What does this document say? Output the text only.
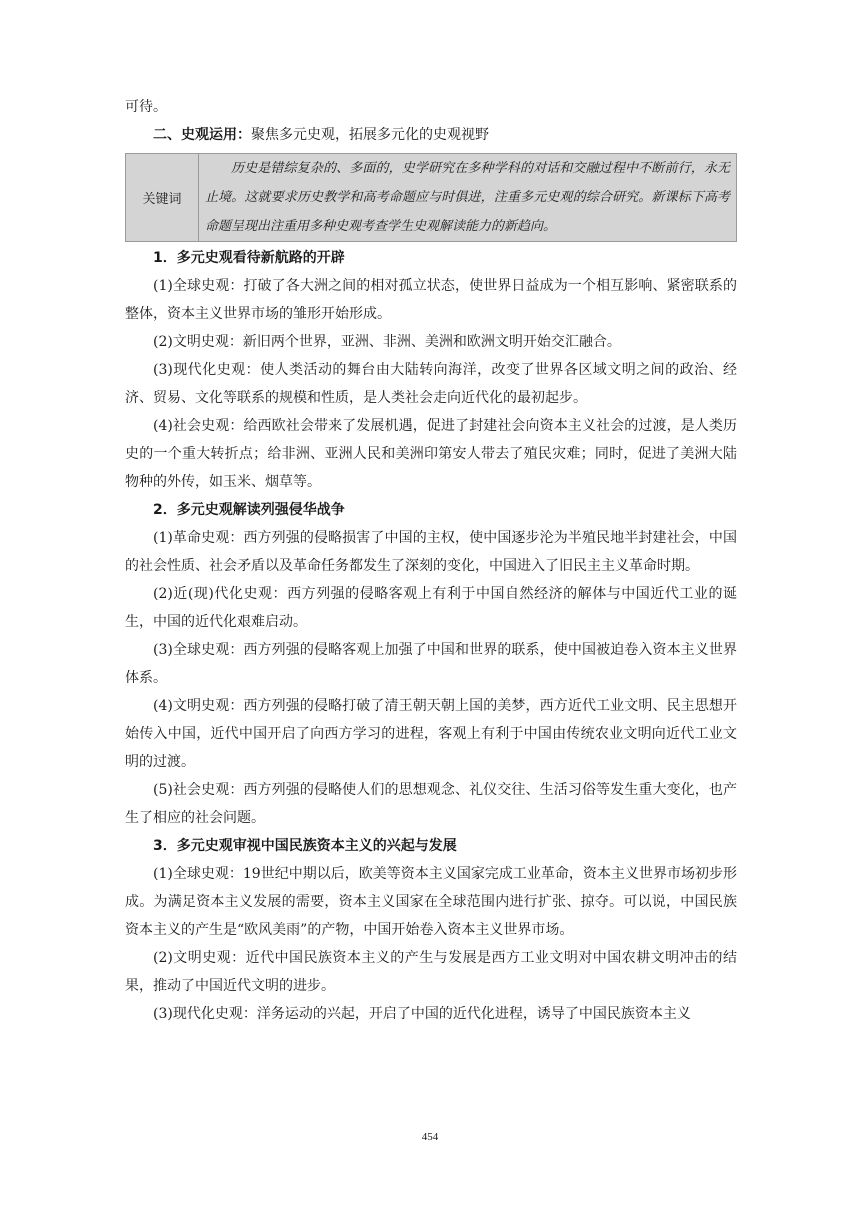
可待。

二、史观运用：聚焦多元史观，拓展多元化的史观视野

关键词	

历史是错综复杂的、多面的，史学研究在多种学科的对话和交融过程中不断前行，永无止境。这就要求历史教学和高考命题应与时俱进，注重多元史观的综合研究。新课标下高考命题呈现出注重用多种史观考查学生史观解读能力的新趋向。

1．多元史观看待新航路的开辟

(1)全球史观：打破了各大洲之间的相对孤立状态，使世界日益成为一个相互影响、紧密联系的整体，资本主义世界市场的雏形开始形成。

(2)文明史观：新旧两个世界，亚洲、非洲、美洲和欧洲文明开始交汇融合。

(3)现代化史观：使人类活动的舞台由大陆转向海洋，改变了世界各区域文明之间的政治、经济、贸易、文化等联系的规模和性质，是人类社会走向近代化的最初起步。

(4)社会史观：给西欧社会带来了发展机遇，促进了封建社会向资本主义社会的过渡，是人类历史的一个重大转折点；给非洲、亚洲人民和美洲印第安人带去了殖民灾难；同时，促进了美洲大陆物种的外传，如玉米、烟草等。

2．多元史观解读列强侵华战争

(1)革命史观：西方列强的侵略损害了中国的主权，使中国逐步沦为半殖民地半封建社会，中国的社会性质、社会矛盾以及革命任务都发生了深刻的变化，中国进入了旧民主主义革命时期。

(2)近(现)代化史观：西方列强的侵略客观上有利于中国自然经济的解体与中国近代工业的诞生，中国的近代化艰难启动。

(3)全球史观：西方列强的侵略客观上加强了中国和世界的联系，使中国被迫卷入资本主义世界体系。

(4)文明史观：西方列强的侵略打破了清王朝天朝上国的美梦，西方近代工业文明、民主思想开始传入中国，近代中国开启了向西方学习的进程，客观上有利于中国由传统农业文明向近代工业文明的过渡。

(5)社会史观：西方列强的侵略使人们的思想观念、礼仪交往、生活习俗等发生重大变化，也产生了相应的社会问题。

3．多元史观审视中国民族资本主义的兴起与发展

(1)全球史观：19世纪中期以后，欧美等资本主义国家完成工业革命，资本主义世界市场初步形成。为满足资本主义发展的需要，资本主义国家在全球范围内进行扩张、掠夺。可以说，中国民族资本主义的产生是“欧风美雨”的产物，中国开始卷入资本主义世界市场。

(2)文明史观：近代中国民族资本主义的产生与发展是西方工业文明对中国农耕文明冲击的结果，推动了中国近代文明的进步。

(3)现代化史观：洋务运动的兴起，开启了中国的近代化进程，诱导了中国民族资本主义

454
